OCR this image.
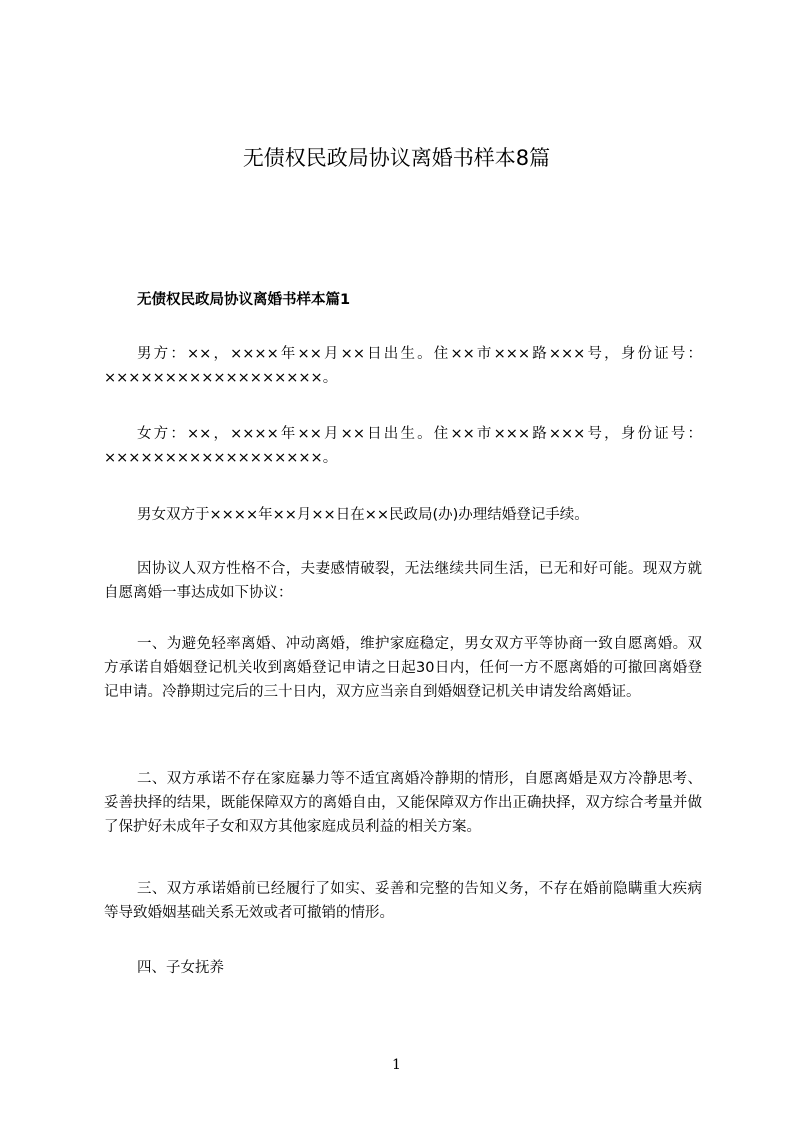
无债权民政局协议离婚书样本8篇
无债权民政局协议离婚书样本篇1

男方：××，××××年××月××日出生。住××市×××路×××号，身份证号：××××××××××××××××××。

女方：××，××××年××月××日出生。住××市×××路×××号，身份证号：××××××××××××××××××。

男女双方于××××年××月××日在××民政局(办)办理结婚登记手续。

因协议人双方性格不合，夫妻感情破裂，无法继续共同生活，已无和好可能。现双方就自愿离婚一事达成如下协议：

一、为避免轻率离婚、冲动离婚，维护家庭稳定，男女双方平等协商一致自愿离婚。双方承诺自婚姻登记机关收到离婚登记申请之日起30日内，任何一方不愿离婚的可撤回离婚登记申请。冷静期过完后的三十日内，双方应当亲自到婚姻登记机关申请发给离婚证。

二、双方承诺不存在家庭暴力等不适宜离婚冷静期的情形，自愿离婚是双方冷静思考、妥善抉择的结果，既能保障双方的离婚自由，又能保障双方作出正确抉择，双方综合考量并做了保护好未成年子女和双方其他家庭成员利益的相关方案。

三、双方承诺婚前已经履行了如实、妥善和完整的告知义务，不存在婚前隐瞒重大疾病等导致婚姻基础关系无效或者可撤销的情形。

四、子女抚养

1
